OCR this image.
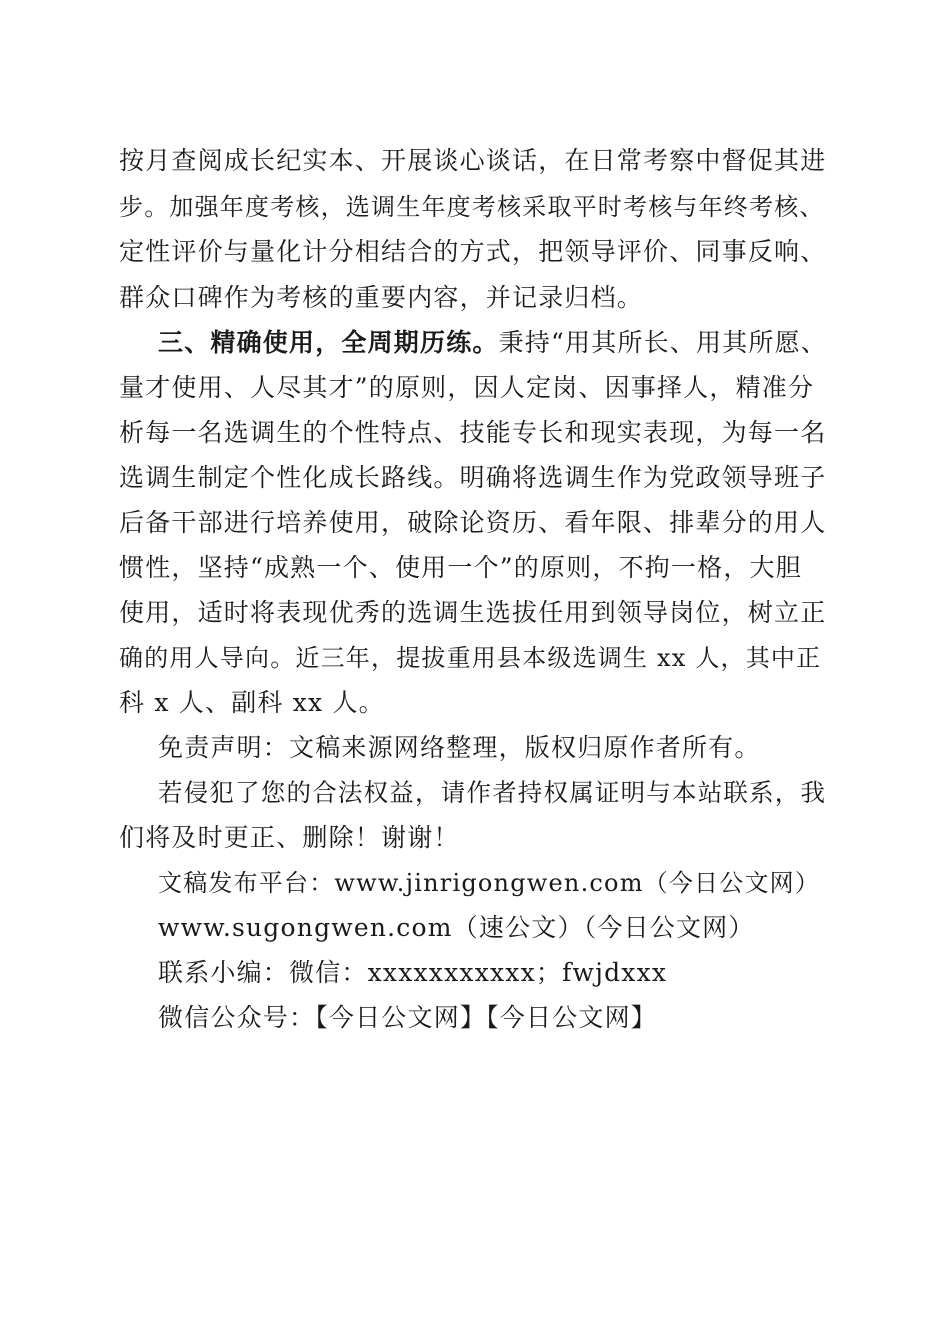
按月查阅成长纪实本、开展谈心谈话，在日常考察中督促其进
步。加强年度考核，选调生年度考核采取平时考核与年终考核、
定性评价与量化计分相结合的方式，把领导评价、同事反响、
群众口碑作为考核的重要内容，并记录归档。
三、精确使用，全周期历练。秉持“用其所长、用其所愿、
量才使用、人尽其才”的原则，因人定岗、因事择人，精准分
析每一名选调生的个性特点、技能专长和现实表现，为每一名
选调生制定个性化成长路线。明确将选调生作为党政领导班子
后备干部进行培养使用，破除论资历、看年限、排辈分的用人
惯性，坚持“成熟一个、使用一个”的原则，不拘一格，大胆
使用，适时将表现优秀的选调生选拔任用到领导岗位，树立正
确的用人导向。近三年，提拔重用县本级选调生 xx 人，其中正
科 x 人、副科 xx 人。
免责声明：文稿来源网络整理，版权归原作者所有。
若侵犯了您的合法权益，请作者持权属证明与本站联系，我
们将及时更正、删除！谢谢！
文稿发布平台：www.jinrigongwen.com（今日公文网）
www.sugongwen.com（速公文）（今日公文网）
联系小编：微信：xxxxxxxxxxx；fwjdxxx
微信公众号：【今日公文网】【今日公文网】
